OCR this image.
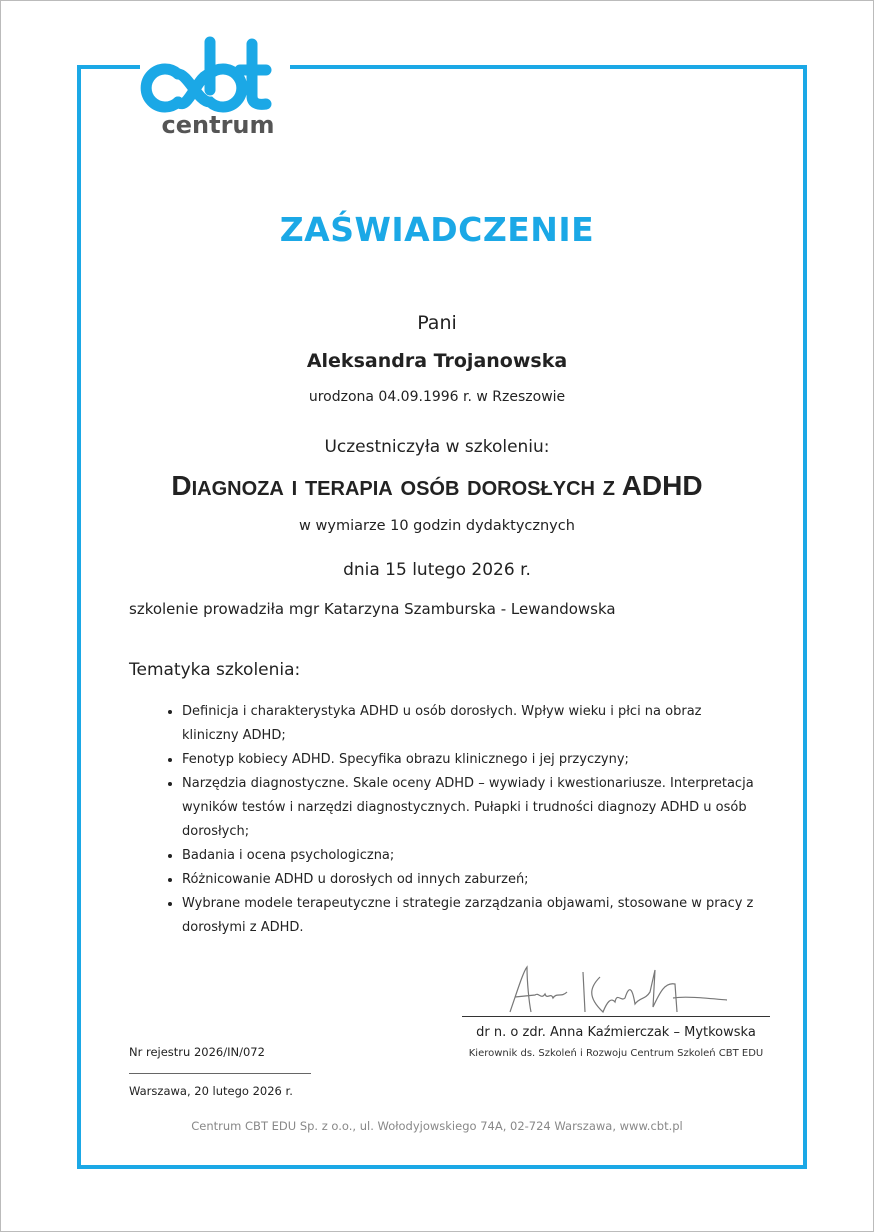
centrum
ZAŚWIADCZENIE
Pani
Aleksandra Trojanowska
urodzona 04.09.1996 r. w Rzeszowie
Uczestniczyła w szkoleniu:
Diagnoza i terapia osób dorosłych z ADHD
w wymiarze 10 godzin dydaktycznych
dnia 15 lutego 2026 r.
szkolenie prowadziła mgr Katarzyna Szamburska - Lewandowska
Tematyka szkolenia:
• Definicja i charakterystyka ADHD u osób dorosłych. Wpływ wieku i płci na obraz kliniczny ADHD;
• Fenotyp kobiecy ADHD. Specyfika obrazu klinicznego i jej przyczyny;
• Narzędzia diagnostyczne. Skale oceny ADHD – wywiady i kwestionariusze. Interpretacja wyników testów i narzędzi diagnostycznych. Pułapki i trudności diagnozy ADHD u osób dorosłych;
• Badania i ocena psychologiczna;
• Różnicowanie ADHD u dorosłych od innych zaburzeń;
• Wybrane modele terapeutyczne i strategie zarządzania objawami, stosowane w pracy z dorosłymi z ADHD.
dr n. o zdr. Anna Kaźmierczak – Mytkowska
Kierownik ds. Szkoleń i Rozwoju Centrum Szkoleń CBT EDU
Nr rejestru 2026/IN/072
Warszawa, 20 lutego 2026 r.
Centrum CBT EDU Sp. z o.o., ul. Wołodyjowskiego 74A, 02-724 Warszawa, www.cbt.pl
